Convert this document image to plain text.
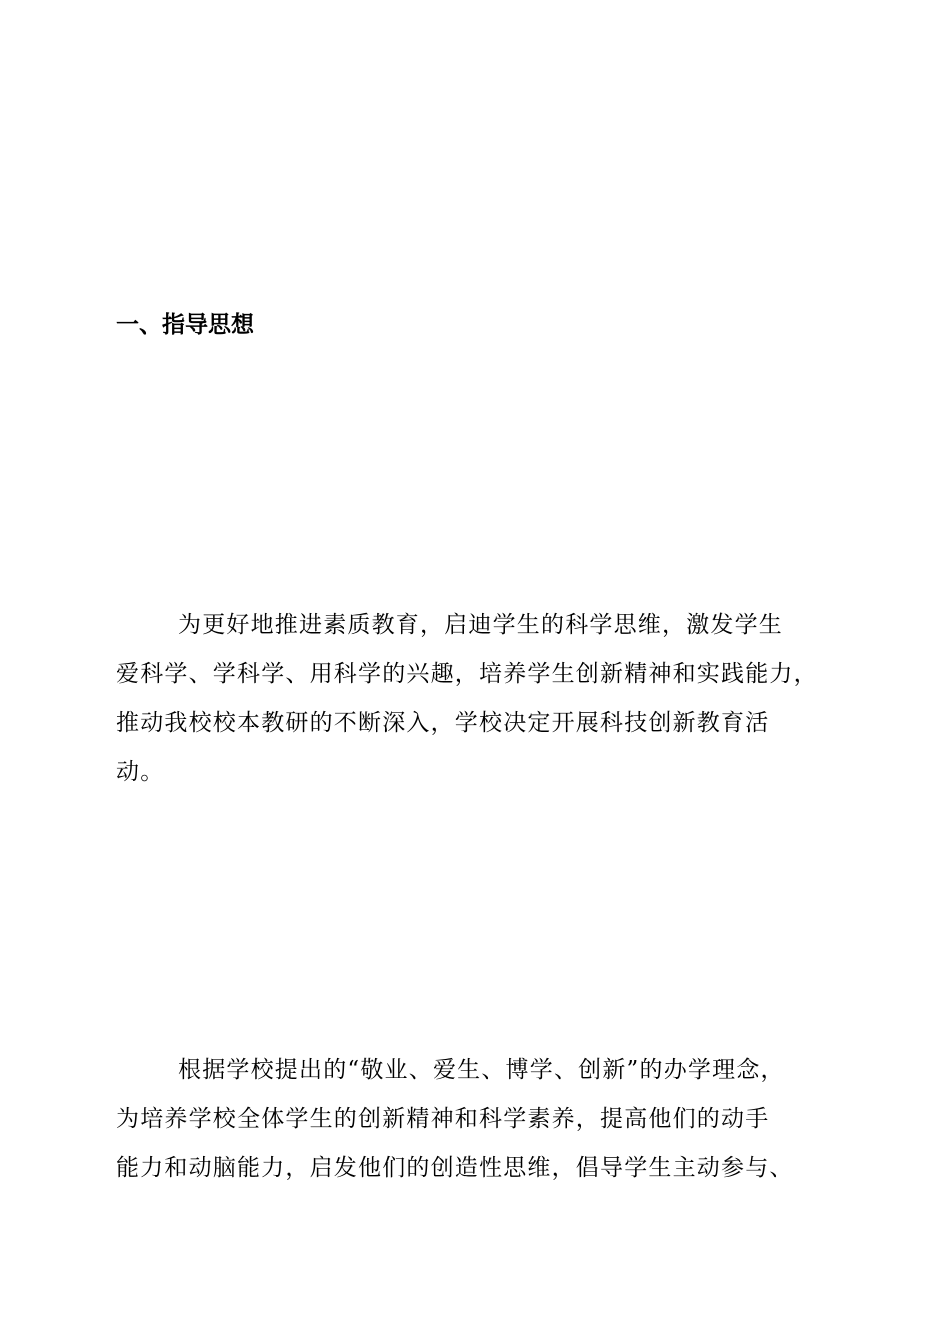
一、指导思想

为更好地推进素质教育，启迪学生的科学思维，激发学生
爱科学、学科学、用科学的兴趣，培养学生创新精神和实践能力，
推动我校校本教研的不断深入，学校决定开展科技创新教育活
动。

根据学校提出的“敬业、爱生、博学、创新”的办学理念，
为培养学校全体学生的创新精神和科学素养，提高他们的动手
能力和动脑能力，启发他们的创造性思维，倡导学生主动参与、
